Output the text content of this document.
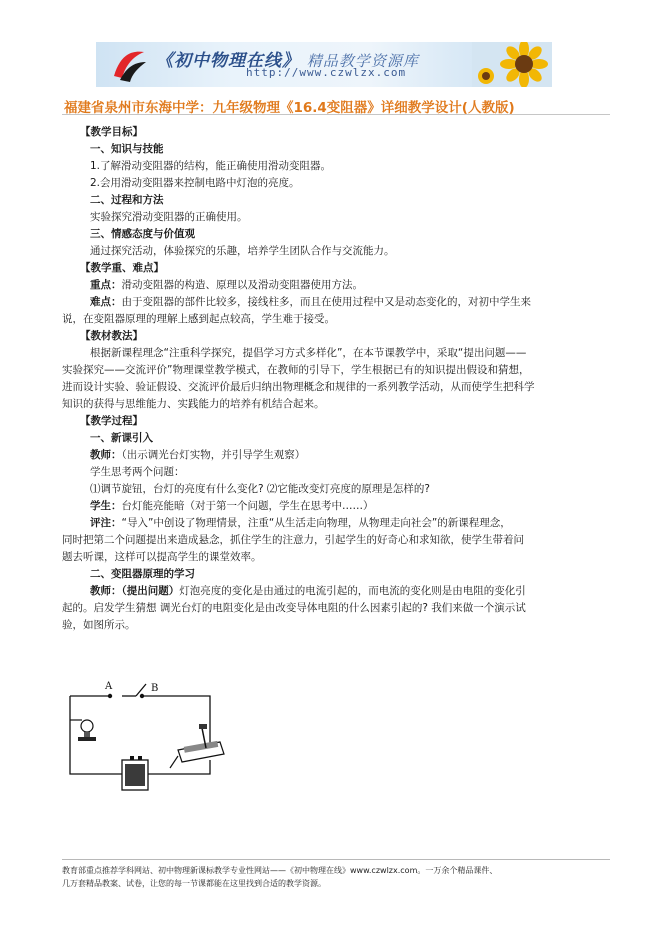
《初中物理在线》 精品教学资源库
http://www.czwlzx.com
福建省泉州市东海中学：九年级物理《16.4变阻器》详细教学设计(人教版)
【教学目标】
一、知识与技能
1.了解滑动变阻器的结构，能正确使用滑动变阻器。
2.会用滑动变阻器来控制电路中灯泡的亮度。
二、过程和方法
实验探究滑动变阻器的正确使用。
三、情感态度与价值观
通过探究活动，体验探究的乐趣，培养学生团队合作与交流能力。
【教学重、难点】
重点：滑动变阻器的构造、原理以及滑动变阻器使用方法。
难点：由于变阻器的部件比较多，接线柱多，而且在使用过程中又是动态变化的，对初中学生来
说，在变阻器原理的理解上感到起点较高，学生难于接受。
【教材教法】
根据新课程理念“注重科学探究，提倡学习方式多样化”，在本节课教学中，采取“提出问题——
实验探究——交流评价”物理课堂教学模式，在教师的引导下，学生根据已有的知识提出假设和猜想，
进而设计实验、验证假设、交流评价最后归纳出物理概念和规律的一系列教学活动，从而使学生把科学
知识的获得与思维能力、实践能力的培养有机结合起来。
【教学过程】
一、新课引入
教师：（出示调光台灯实物，并引导学生观察）
学生思考两个问题：
⑴调节旋钮，台灯的亮度有什么变化? ⑵它能改变灯亮度的原理是怎样的?
学生：台灯能亮能暗（对于第一个问题，学生在思考中……）
评注：“导入”中创设了物理情景，注重“从生活走向物理，从物理走向社会”的新课程理念，
同时把第二个问题提出来造成悬念，抓住学生的注意力，引起学生的好奇心和求知欲，使学生带着问
题去听课，这样可以提高学生的课堂效率。
二、变阻器原理的学习
教师：（提出问题）灯泡亮度的变化是由通过的电流引起的，而电流的变化则是由电阻的变化引
起的。启发学生猜想 调光台灯的电阻变化是由改变导体电阻的什么因素引起的? 我们来做一个演示试
验，如图所示。
A	B
教育部重点推荐学科网站、初中物理新课标教学专业性网站——《初中物理在线》www.czwlzx.com。一万余个精品课件、
几万套精品教案、试卷，让您的每一节课都能在这里找到合适的教学资源。
